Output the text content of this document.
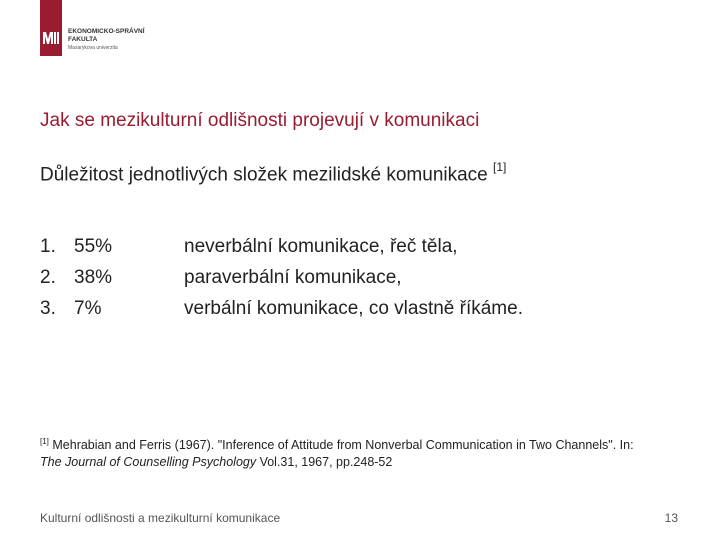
EKONOMICKO-SPRÁVNÍ
FAKULTA
Masarykova univerzita
Jak se mezikulturní odlišnosti projevují v komunikaci
Důležitost jednotlivých složek mezilidské komunikace [1]
1. 55%	neverbální komunikace, řeč těla,
2. 38%	paraverbální komunikace,
3. 7%	verbální komunikace, co vlastně říkáme.
[1] Mehrabian and Ferris (1967). "Inference of Attitude from Nonverbal Communication in Two Channels". In: The Journal of Counselling Psychology Vol.31, 1967, pp.248-52
Kulturní odlišnosti a mezikulturní komunikace	13
